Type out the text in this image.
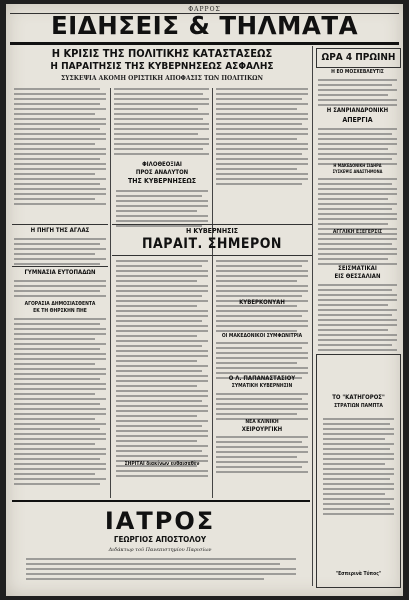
ΦΑΡΡΟΣ
ΕΙΔΗΣΕΙΣ & ΤΗΛΜΑΤΑ
Η ΚΡΙΣΙΣ ΤΗΣ ΠΟΛΙΤΙΚΗΣ ΚΑΤΑΣΤΑΣΕΩΣ
Η ΠΑΡΑΙΤΗΣΙΣ ΤΗΣ ΚΥΒΕΡΝΗΣΕΩΣ ΑΣΦΑΛΗΣ
ΣΥΣΚΕΨΙΑ ΑΚΟΜΗ ΟΡΙΣΤΙΚΗ ΑΠΟΦΑΣΙΣ ΤΩΝ ΠΟΛΙΤΙΚΩΝ
ΦΙΛΟΘΕΟΞΙΑΙ
ΠΡΟΣ ΑΝΑΛΥΤΟΝ
ΤΗΣ ΚΥΒΕΡΝΗΣΕΩΣ
Η ΠΗΓΗ ΤΗΣ ΑΓΛΑΣ
ΓΥΜΝΑΣΙΑ ΕΥΤΟΠΑΔΩΝ
ΑΓΟΡΑΣΙΑ ΔΗΜΟΣΙΑΣΘΕΝΤΑ
ΕΚ ΤΗ ΘΗΡΣΚΗΝ ΠΗΕ
Η ΚΥΒΕΡΝΗΣΙΣ
ΠΑΡΑΙΤ. ΣΗΜΕΡΟΝ
ΣΗΡΙΤΑΙ διακίνων ευθαισαθὲν
ΚΥΒΕΡΚΟΝΥΑΗ
ΟΙ ΜΑΚΕΔΟΝΙΚΟΙ ΣΥΜΦΩΝΙΤΡΙΑ
Ο Λ. ΠΑΠΑΝΑΣΤΑΣΙΟΥ
ΣΥΜΑΤΙΚΗ ΚΥΒΕΡΝΗΣΙΝ
ΝΕΑ ΚΛΙΝΙΚΗ
ΧΕΙΡΟΥΡΓΙΚΗ
ΩΡΑ 4 ΠΡΩΙΝΗ
Η ΕΟ ΜΟΣΧΕΒΛΕΥΤΙΣ
Η ΣΑΝΡΙΑΝΔΡΟΝΙΚΗ
ΑΠΕΡΓΙΑ
Η ΜΑΚΕΔΟΝΙΚΗ ΣΙΔΗΡΑ
ΣΥΣΚΕΨΙΣ ΑΝΑΣΤΗΜΟΝΑ
ΑΓΓΛΙΚΗ ΕΞΕΓΕΡΣΙΣ
ΣΕΙΣΜΑΤΙΚΑΙ
ΕΙΣ ΘΕΣΣΑΛΙΑΝ
ΤΟ "ΚΑΤΗΓΟΡΟΣ"
ΣΤΡΑΤΙΩΝ ΠΑΜΠΤΑ
"Εσπερινὰ Τύπος"
ΙΑΤΡΟΣ
ΓΕΩΡΓΙΟΣ ΑΠΟΣΤΟΛΟΥ
Διδάκτωρ τοῦ Πανεπιστημίου Παρισίων
